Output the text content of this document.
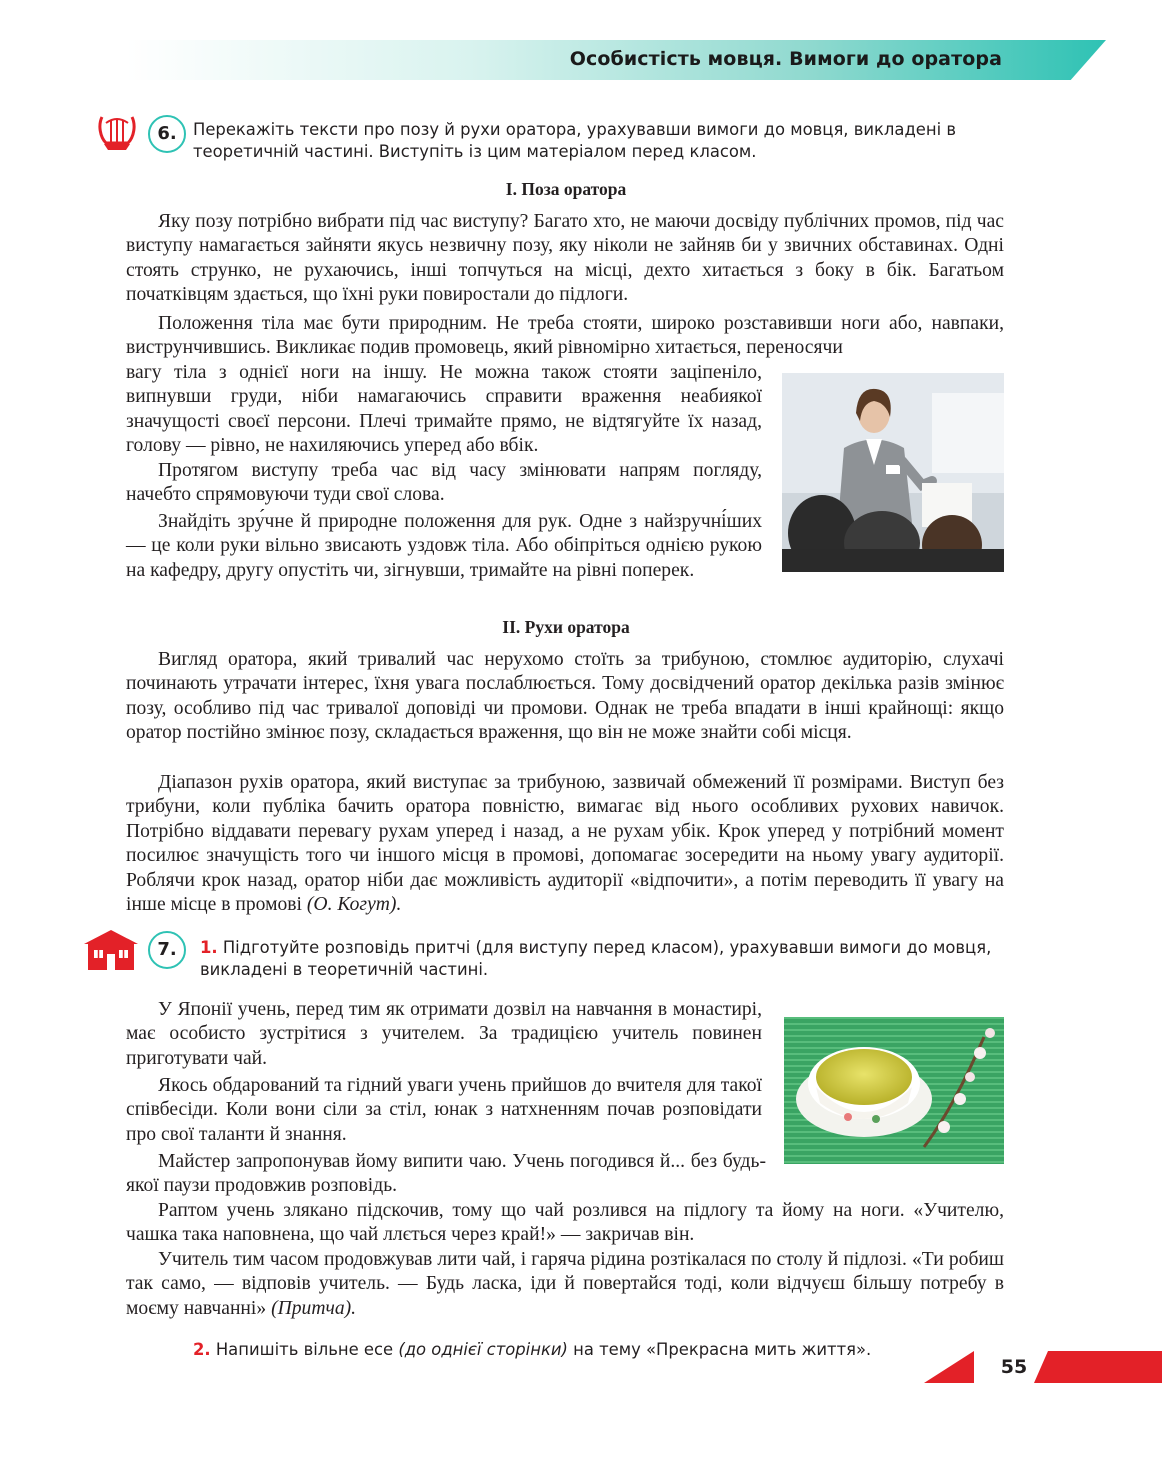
Особистість мовця. Вимоги до оратора
6. Перекажіть тексти про позу й рухи оратора, урахувавши вимоги до мовця, викладені в теоретичній частині. Виступіть із цим матеріалом перед класом.
I. Поза оратора

Яку позу потрібно вибрати під час виступу? Багато хто, не маючи досвіду публічних промов, під час виступу намагається зайняти якусь незвичну позу, яку ніколи не зайняв би у звичних обставинах. Одні стоять струнко, не рухаючись, інші топчуться на місці, дехто хитається з боку в бік. Багатьом початківцям здається, що їхні руки повиростали до підлоги.

Положення тіла має бути природним. Не треба стояти, широко розставивши ноги або, навпаки, виструнчившись. Викликає подив промовець, який рівномірно хитається, переносячи

вагу тіла з однієї ноги на іншу. Не можна також стояти заціпеніло, випнувши груди, ніби намагаючись справити враження неабиякої значущості своєї персони. Плечі тримайте прямо, не відтягуйте їх назад, голову — рівно, не нахиляючись уперед або вбік.

Протягом виступу треба час від часу змінювати напрям погляду, начебто спрямовуючи туди свої слова.

Знайдіть зру́чне й природне положення для рук. Одне з найзручні́ших — це коли руки вільно звисають уздовж тіла. Або обіпріться однією рукою на кафедру, другу опустіть чи, зігнувши, тримайте на рівні поперек.

II. Рухи оратора

Вигляд оратора, який тривалий час нерухомо стоїть за трибуною, стомлює аудиторію, слухачі починають утрачати інтерес, їхня увага послаблюється. Тому досвідчений оратор декілька разів змінює позу, особливо під час тривалої доповіді чи промови. Однак не треба впадати в інші крайнощі: якщо оратор постійно змінює позу, складається враження, що він не може знайти собі місця.

Діапазон рухів оратора, який виступає за трибуною, зазвичай обмежений її розмірами. Виступ без трибуни, коли публіка бачить оратора повністю, вимагає від нього особливих рухових навичок. Потрібно віддавати перевагу рухам уперед і назад, а не рухам убік. Крок уперед у потрібний момент посилює значущість того чи іншого місця в промові, допомагає зосередити на ньому увагу аудиторії. Роблячи крок назад, оратор ніби дає можливість аудиторії «відпочити», а потім переводить її увагу на інше місце в промові (О. Когут).

7.	1. Підготуйте розповідь притчі (для виступу перед класом), урахувавши вимоги до мовця, викладені в теоретичній частині.

У Японії учень, перед тим як отримати дозвіл на навчання в монастирі, має особисто зустрітися з учителем. За традицією учитель повинен приготувати чай.

Якось обдарований та гідний уваги учень прийшов до вчителя для такої співбесіди. Коли вони сіли за стіл, юнак з натхненням почав розповідати про свої таланти й знання.

Майстер запропонував йому випити чаю. Учень погодився й... без будь-якої паузи продовжив розповідь.

Раптом учень злякано підскочив, тому що чай розлився на підлогу та йому на ноги. «Учителю, чашка така наповнена, що чай ллється через край!» — закричав він.

Учитель тим часом продовжував лити чай, і гаряча рідина розтікалася по столу й підлозі. «Ти робиш так само, — відповів учитель. — Будь ласка, іди й повертайся тоді, коли відчуєш більшу потребу в моєму навчанні» (Притча).

2. Напишіть вільне есе (до однієї сторінки) на тему «Прекрасна мить життя».
55
